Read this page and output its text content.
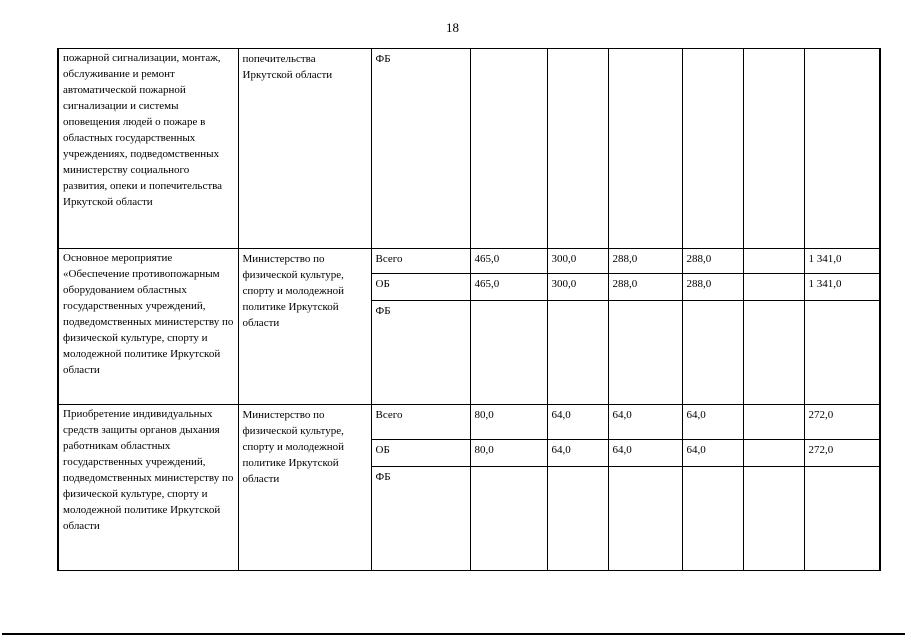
18
пожарной сигнализации, монтаж, обслуживание и ремонт автоматической пожарной сигнализации и системы оповещения людей о пожаре в областных государственных учреждениях, подведомственных министерству социального развития, опеки и попечительства Иркутской области	попечительства Иркутской области	ФБ						
Основное мероприятие «Обеспечение противопожарным оборудованием областных государственных учреждений, подведомственных министерству по физической культуре, спорту и молодежной политике Иркутской области	Министерство по физической культуре, спорту и молодежной политике Иркутской области	Всего	465,0	300,0	288,0	288,0		1 341,0
		ОБ	465,0	300,0	288,0	288,0		1 341,0
		ФБ						
Приобретение индивидуальных средств защиты органов дыхания работникам областных государственных учреждений, подведомственных министерству по физической культуре, спорту и молодежной политике Иркутской области	Министерство по физической культуре, спорту и молодежной политике Иркутской области	Всего	80,0	64,0	64,0	64,0		272,0
		ОБ	80,0	64,0	64,0	64,0		272,0
		ФБ						
